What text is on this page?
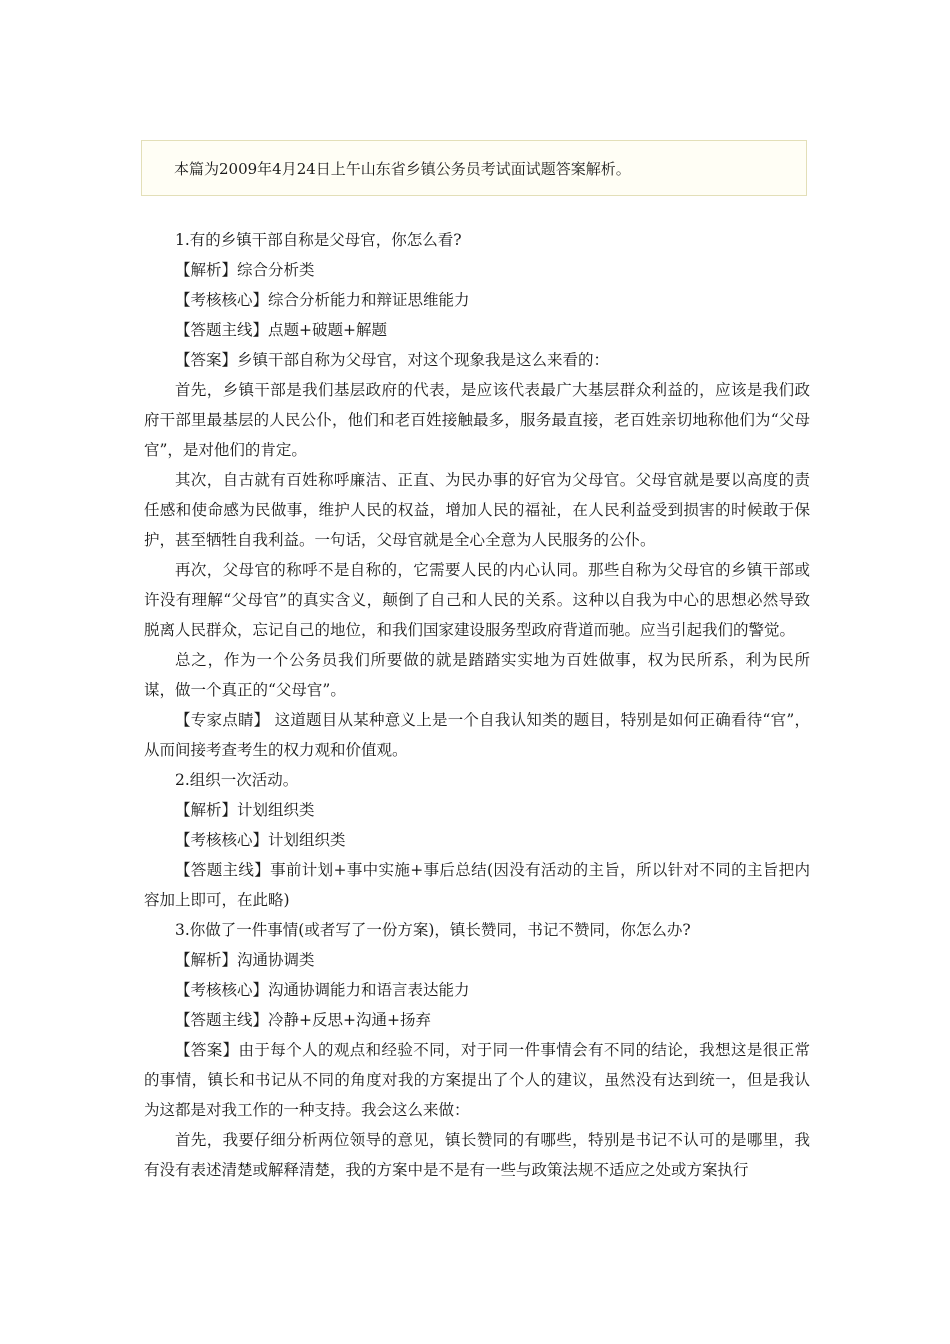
本篇为2009年4月24日上午山东省乡镇公务员考试面试题答案解析。

1.有的乡镇干部自称是父母官，你怎么看?

【解析】综合分析类

【考核核心】综合分析能力和辩证思维能力

【答题主线】点题+破题+解题

【答案】乡镇干部自称为父母官，对这个现象我是这么来看的：

首先，乡镇干部是我们基层政府的代表，是应该代表最广大基层群众利益的，应该是我们政府干部里最基层的人民公仆，他们和老百姓接触最多，服务最直接，老百姓亲切地称他们为“父母官”，是对他们的肯定。

其次，自古就有百姓称呼廉洁、正直、为民办事的好官为父母官。父母官就是要以高度的责任感和使命感为民做事，维护人民的权益，增加人民的福祉，在人民利益受到损害的时候敢于保护，甚至牺牲自我利益。一句话，父母官就是全心全意为人民服务的公仆。

再次，父母官的称呼不是自称的，它需要人民的内心认同。那些自称为父母官的乡镇干部或许没有理解“父母官”的真实含义，颠倒了自己和人民的关系。这种以自我为中心的思想必然导致脱离人民群众，忘记自己的地位，和我们国家建设服务型政府背道而驰。应当引起我们的警觉。

总之，作为一个公务员我们所要做的就是踏踏实实地为百姓做事，权为民所系，利为民所谋，做一个真正的“父母官”。

【专家点睛】 这道题目从某种意义上是一个自我认知类的题目，特别是如何正确看待“官”，从而间接考查考生的权力观和价值观。

2.组织一次活动。

【解析】计划组织类

【考核核心】计划组织类

【答题主线】事前计划+事中实施+事后总结(因没有活动的主旨，所以针对不同的主旨把内容加上即可，在此略)

3.你做了一件事情(或者写了一份方案)，镇长赞同，书记不赞同，你怎么办?

【解析】沟通协调类

【考核核心】沟通协调能力和语言表达能力

【答题主线】冷静+反思+沟通+扬弃

【答案】由于每个人的观点和经验不同，对于同一件事情会有不同的结论，我想这是很正常的事情，镇长和书记从不同的角度对我的方案提出了个人的建议，虽然没有达到统一，但是我认为这都是对我工作的一种支持。我会这么来做：

首先，我要仔细分析两位领导的意见，镇长赞同的有哪些，特别是书记不认可的是哪里，我有没有表述清楚或解释清楚，我的方案中是不是有一些与政策法规不适应之处或方案执行
